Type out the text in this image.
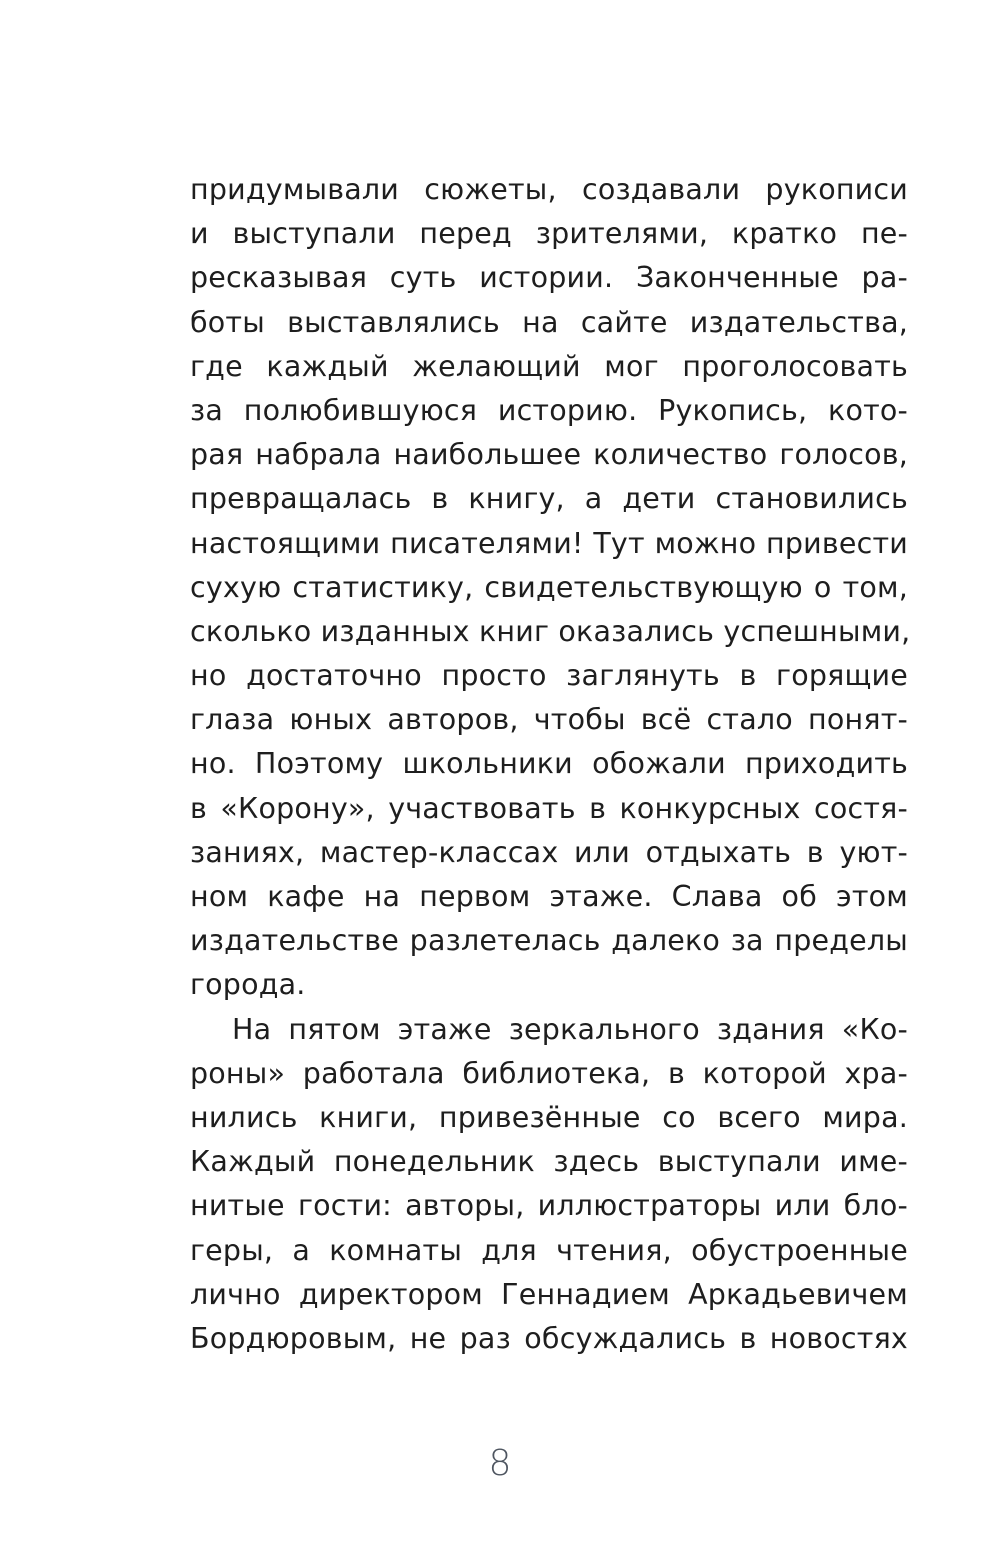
придумывали сюжеты, создавали рукописи
и выступали перед зрителями, кратко пе-
ресказывая суть истории. Законченные ра-
боты выставлялись на сайте издательства,
где каждый желающий мог проголосовать
за полюбившуюся историю. Рукопись, кото-
рая набрала наибольшее количество голосов,
превращалась в книгу, а дети становились
настоящими писателями! Тут можно привести
сухую статистику, свидетельствующую о том,
сколько изданных книг оказались успешными,
но достаточно просто заглянуть в горящие
глаза юных авторов, чтобы всё стало понят-
но. Поэтому школьники обожали приходить
в «Корону», участвовать в конкурсных состя-
заниях, мастер-классах или отдыхать в уют-
ном кафе на первом этаже. Слава об этом
издательстве разлетелась далеко за пределы
города.
На пятом этаже зеркального здания «Ко-
роны» работала библиотека, в которой хра-
нились книги, привезённые со всего мира.
Каждый понедельник здесь выступали име-
нитые гости: авторы, иллюстраторы или бло-
геры, а комнаты для чтения, обустроенные
лично директором Геннадием Аркадьевичем
Бордюровым, не раз обсуждались в новостях
8
